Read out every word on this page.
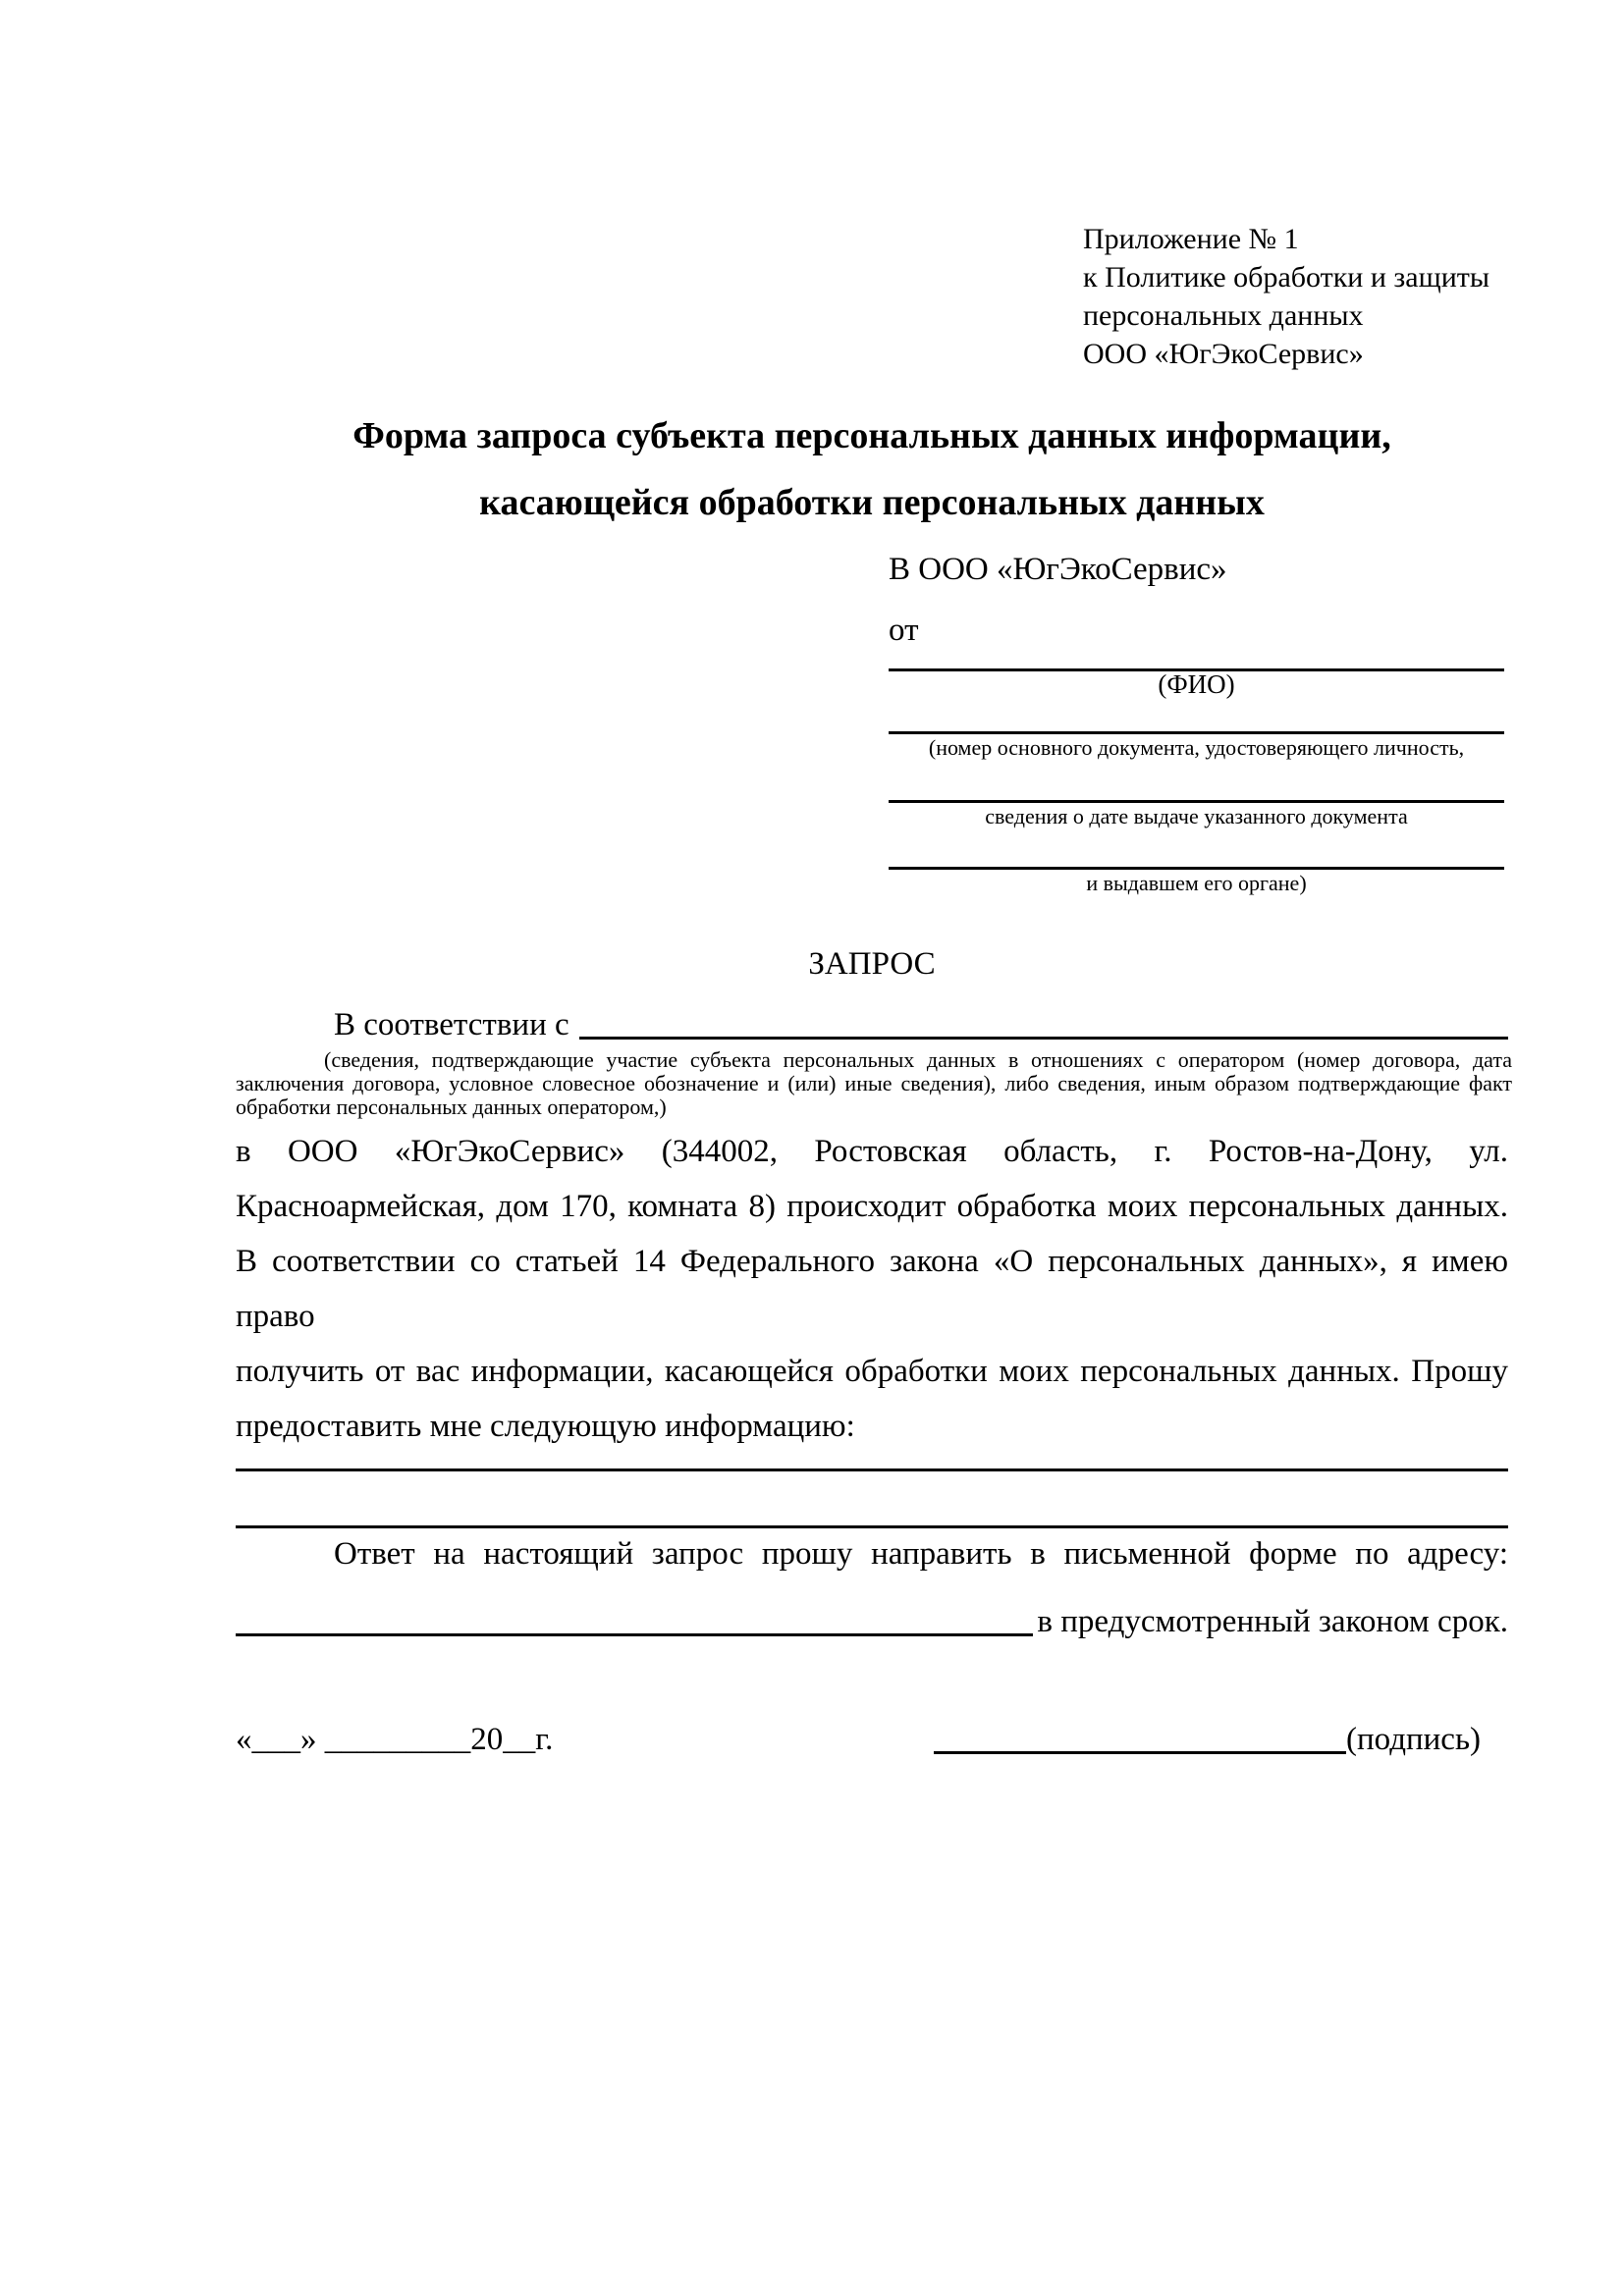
Приложение № 1
к Политике обработки и защиты
персональных данных
ООО «ЮгЭкоСервис»
Форма запроса субъекта персональных данных информации,
касающейся обработки персональных данных
В ООО «ЮгЭкоСервис»
от
(ФИО)
(номер основного документа, удостоверяющего личность,
сведения о дате выдаче указанного документа
и выдавшем его органе)
ЗАПРОС
В соответствии с
(сведения, подтверждающие участие субъекта персональных данных в отношениях с оператором (номер договора, дата
заключения договора, условное словесное обозначение и (или) иные сведения), либо сведения, иным образом подтверждающие факт
обработки персональных данных оператором,)
в ООО «ЮгЭкоСервис» (344002, Ростовская область, г. Ростов-на-Дону, ул.
Красноармейская, дом 170, комната 8) происходит обработка моих персональных данных.
В соответствии со статьей 14 Федерального закона «О персональных данных», я имею право
получить от вас информации, касающейся обработки моих персональных данных. Прошу
предоставить мне следующую информацию:
Ответ на настоящий запрос прошу направить в письменной форме по адресу:
в предусмотренный законом срок.
«___» _________20__г.	(подпись)
